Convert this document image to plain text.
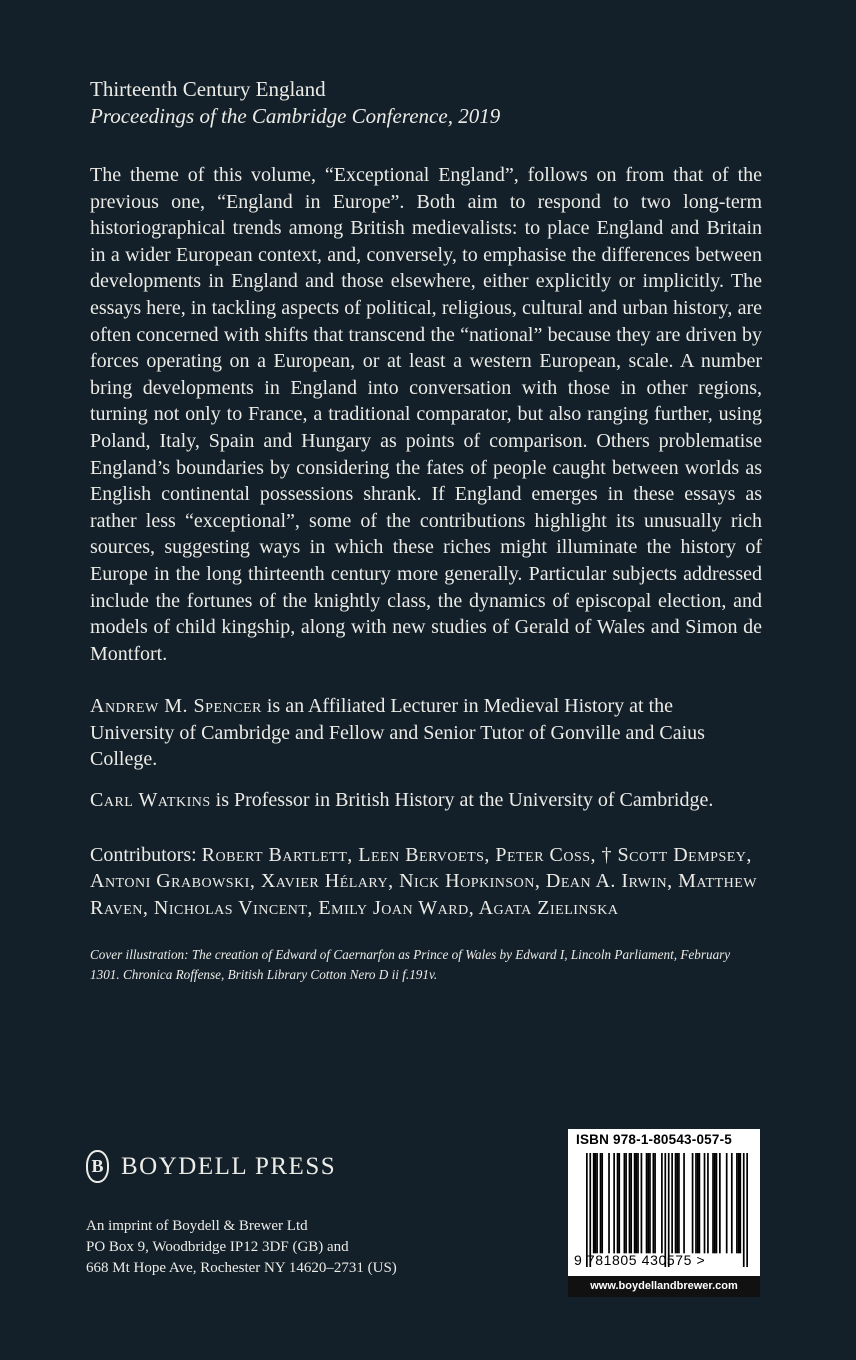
Thirteenth Century England
Proceedings of the Cambridge Conference, 2019
The theme of this volume, “Exceptional England”, follows on from that of the previous one, “England in Europe”. Both aim to respond to two long-term historiographical trends among British medievalists: to place England and Britain in a wider European context, and, conversely, to emphasise the differences between developments in England and those elsewhere, either explicitly or implicitly. The essays here, in tackling aspects of political, religious, cultural and urban history, are often concerned with shifts that transcend the “national” because they are driven by forces operating on a European, or at least a western European, scale. A number bring developments in England into conversation with those in other regions, turning not only to France, a traditional comparator, but also ranging further, using Poland, Italy, Spain and Hungary as points of comparison. Others problematise England’s boundaries by considering the fates of people caught between worlds as English continental possessions shrank. If England emerges in these essays as rather less “exceptional”, some of the contributions highlight its unusually rich sources, suggesting ways in which these riches might illuminate the history of Europe in the long thirteenth century more generally. Particular subjects addressed include the fortunes of the knightly class, the dynamics of episcopal election, and models of child kingship, along with new studies of Gerald of Wales and Simon de Montfort.
Andrew M. Spencer is an Affiliated Lecturer in Medieval History at the University of Cambridge and Fellow and Senior Tutor of Gonville and Caius College.
Carl Watkins is Professor in British History at the University of Cambridge.
Contributors: Robert Bartlett, Leen Bervoets, Peter Coss, † Scott Dempsey, Antoni Grabowski, Xavier Hélary, Nick Hopkinson, Dean A. Irwin, Matthew Raven, Nicholas Vincent, Emily Joan Ward, Agata Zielinska
Cover illustration: The creation of Edward of Caernarfon as Prince of Wales by Edward I, Lincoln Parliament, February 1301. Chronica Roffense, British Library Cotton Nero D ii f.191v.
B BOYDELL PRESS
An imprint of Boydell & Brewer Ltd
PO Box 9, Woodbridge IP12 3DF (GB) and
668 Mt Hope Ave, Rochester NY 14620–2731 (US)
ISBN 978-1-80543-057-5
9 781805 430575 >
www.boydellandbrewer.com
